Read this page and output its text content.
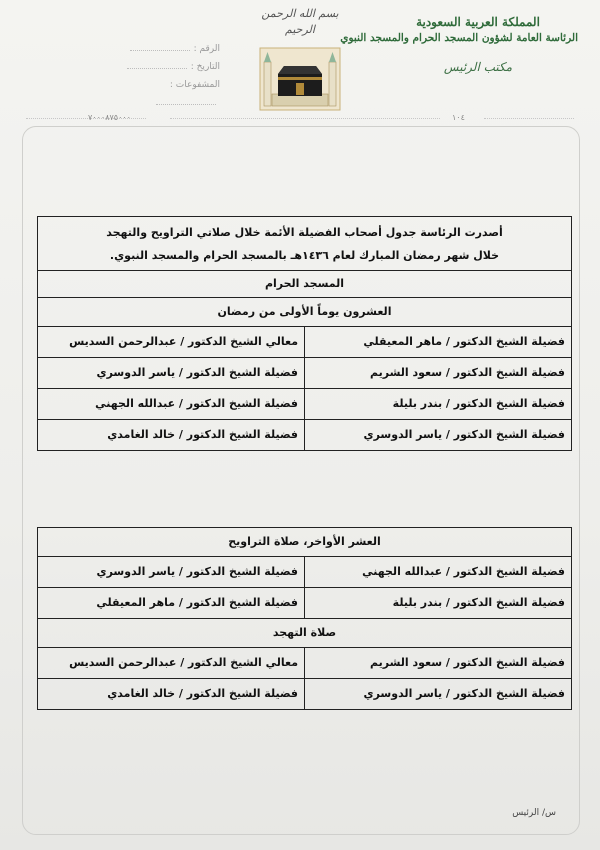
المملكة العربية السعودية
الرئاسة العامة لشؤون المسجد الحرام والمسجد النبوي
مكتب الرئيس
بسم الله الرحمن الرحيم
الرقم :
التاريخ :
المشفوعات :
٧٠٠٠٨٧٥٠٠٠	١٠٤
أصدرت الرئاسة جدول أصحاب الفضيلة الأئمة خلال صلاتي التراويح والتهجد
خلال شهر رمضان المبارك لعام ١٤٣٦هـ بالمسجد الحرام والمسجد النبوي.
المسجد الحرام
العشرون يوماً الأولى من رمضان
فضيلة الشيخ الدكتور / ماهر المعيقلي
معالي الشيخ الدكتور / عبدالرحمن السديس
فضيلة الشيخ الدكتور / سعود الشريم
فضيلة الشيخ الدكتور / ياسر الدوسري
فضيلة الشيخ الدكتور / بندر بليلة
فضيلة الشيخ الدكتور / عبدالله الجهني
فضيلة الشيخ الدكتور / ياسر الدوسري
فضيلة الشيخ الدكتور / خالد الغامدي
العشر الأواخر، صلاة التراويح
فضيلة الشيخ الدكتور / عبدالله الجهني
فضيلة الشيخ الدكتور / ياسر الدوسري
فضيلة الشيخ الدكتور / بندر بليلة
فضيلة الشيخ الدكتور / ماهر المعيقلي
صلاة التهجد
فضيلة الشيخ الدكتور / سعود الشريم
معالي الشيخ الدكتور / عبدالرحمن السديس
فضيلة الشيخ الدكتور / ياسر الدوسري
فضيلة الشيخ الدكتور / خالد الغامدي
س/ الرئيس
